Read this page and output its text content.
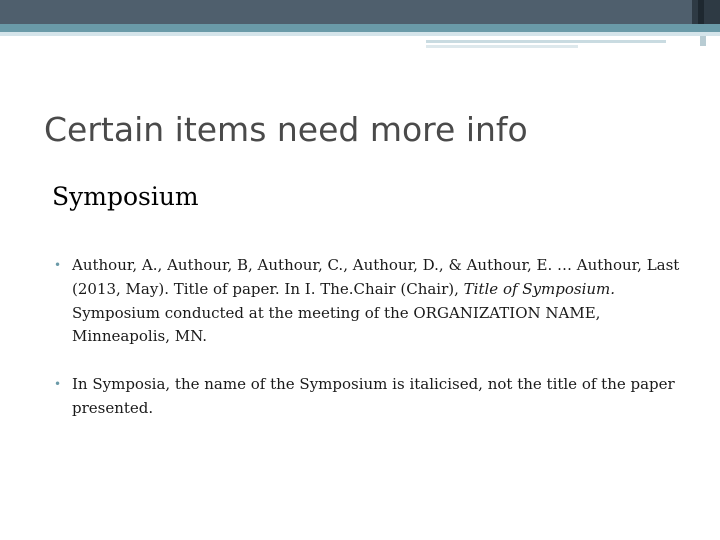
Certain items need more info
Symposium
• Authour, A., Authour, B, Authour, C., Authour, D., & Authour, E. … Authour, Last (2013, May). Title of paper. In I. The.Chair (Chair), Title of Symposium. Symposium conducted at the meeting of the ORGANIZATION NAME, Minneapolis, MN.
• In Symposia, the name of the Symposium is italicised, not the title of the paper presented.
